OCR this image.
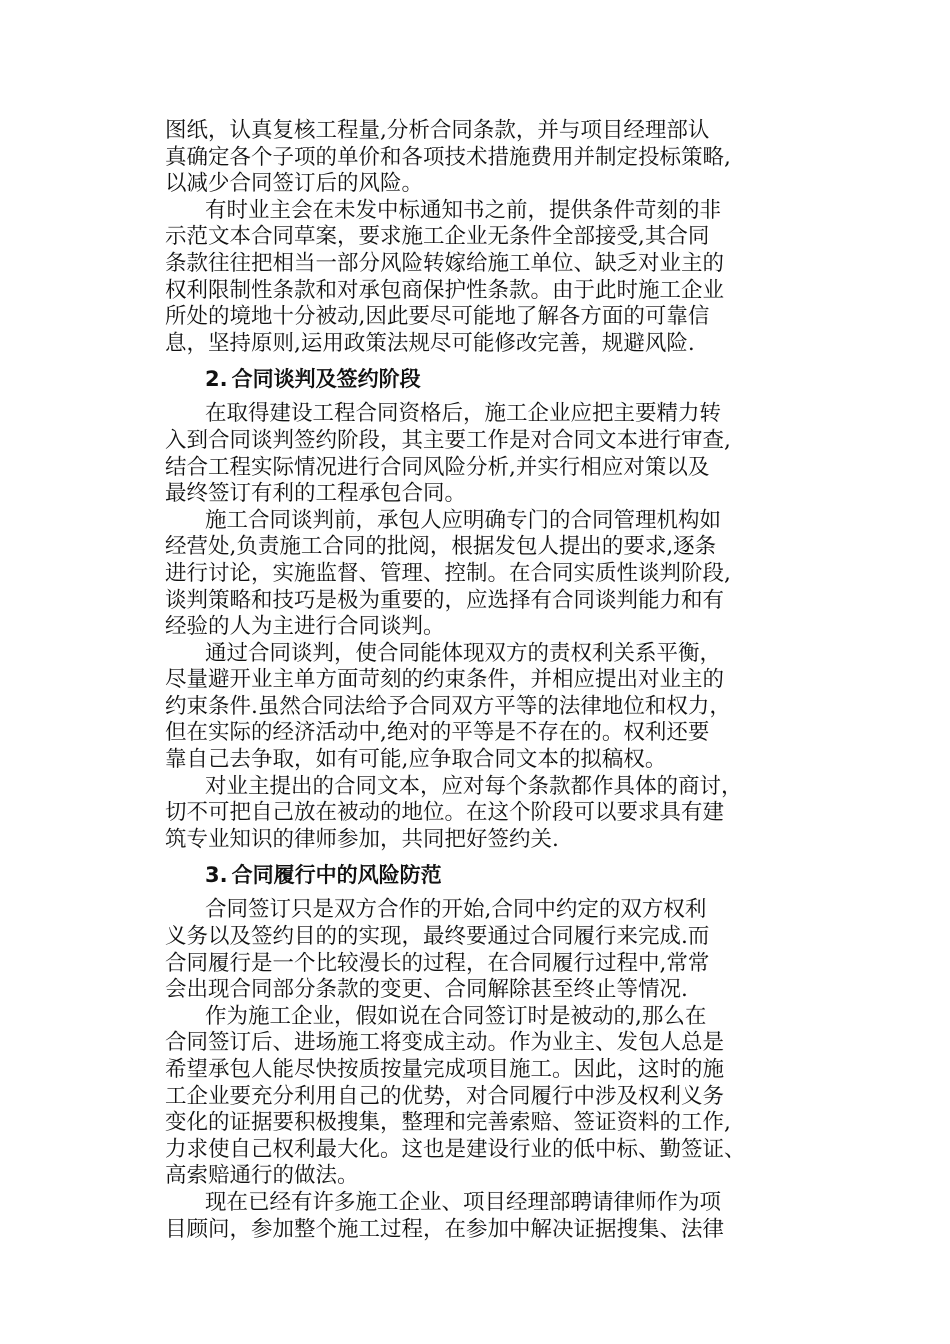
图纸，认真复核工程量,分析合同条款，并与项目经理部认
真确定各个子项的单价和各项技术措施费用并制定投标策略,
以减少合同签订后的风险。

有时业主会在未发中标通知书之前，提供条件苛刻的非
示范文本合同草案，要求施工企业无条件全部接受,其合同
条款往往把相当一部分风险转嫁给施工单位、缺乏对业主的
权利限制性条款和对承包商保护性条款。由于此时施工企业
所处的境地十分被动,因此要尽可能地了解各方面的可靠信
息，坚持原则,运用政策法规尽可能修改完善，规避风险.

2. 合同谈判及签约阶段

在取得建设工程合同资格后，施工企业应把主要精力转
入到合同谈判签约阶段，其主要工作是对合同文本进行审查,
结合工程实际情况进行合同风险分析,并实行相应对策以及
最终签订有利的工程承包合同。

施工合同谈判前，承包人应明确专门的合同管理机构如
经营处,负责施工合同的批阅，根据发包人提出的要求,逐条
进行讨论，实施监督、管理、控制。在合同实质性谈判阶段,
谈判策略和技巧是极为重要的，应选择有合同谈判能力和有
经验的人为主进行合同谈判。

通过合同谈判，使合同能体现双方的责权利关系平衡，
尽量避开业主单方面苛刻的约束条件，并相应提出对业主的
约束条件.虽然合同法给予合同双方平等的法律地位和权力，
但在实际的经济活动中,绝对的平等是不存在的。权利还要
靠自己去争取，如有可能,应争取合同文本的拟稿权。

对业主提出的合同文本，应对每个条款都作具体的商讨，
切不可把自己放在被动的地位。在这个阶段可以要求具有建
筑专业知识的律师参加，共同把好签约关.

3. 合同履行中的风险防范

合同签订只是双方合作的开始,合同中约定的双方权利
义务以及签约目的的实现，最终要通过合同履行来完成.而
合同履行是一个比较漫长的过程，在合同履行过程中,常常
会出现合同部分条款的变更、合同解除甚至终止等情况.

作为施工企业，假如说在合同签订时是被动的,那么在
合同签订后、进场施工将变成主动。作为业主、发包人总是
希望承包人能尽快按质按量完成项目施工。因此，这时的施
工企业要充分利用自己的优势，对合同履行中涉及权利义务
变化的证据要积极搜集，整理和完善索赔、签证资料的工作,
力求使自己权利最大化。这也是建设行业的低中标、勤签证、
高索赔通行的做法。

现在已经有许多施工企业、项目经理部聘请律师作为项
目顾问，参加整个施工过程，在参加中解决证据搜集、法律
